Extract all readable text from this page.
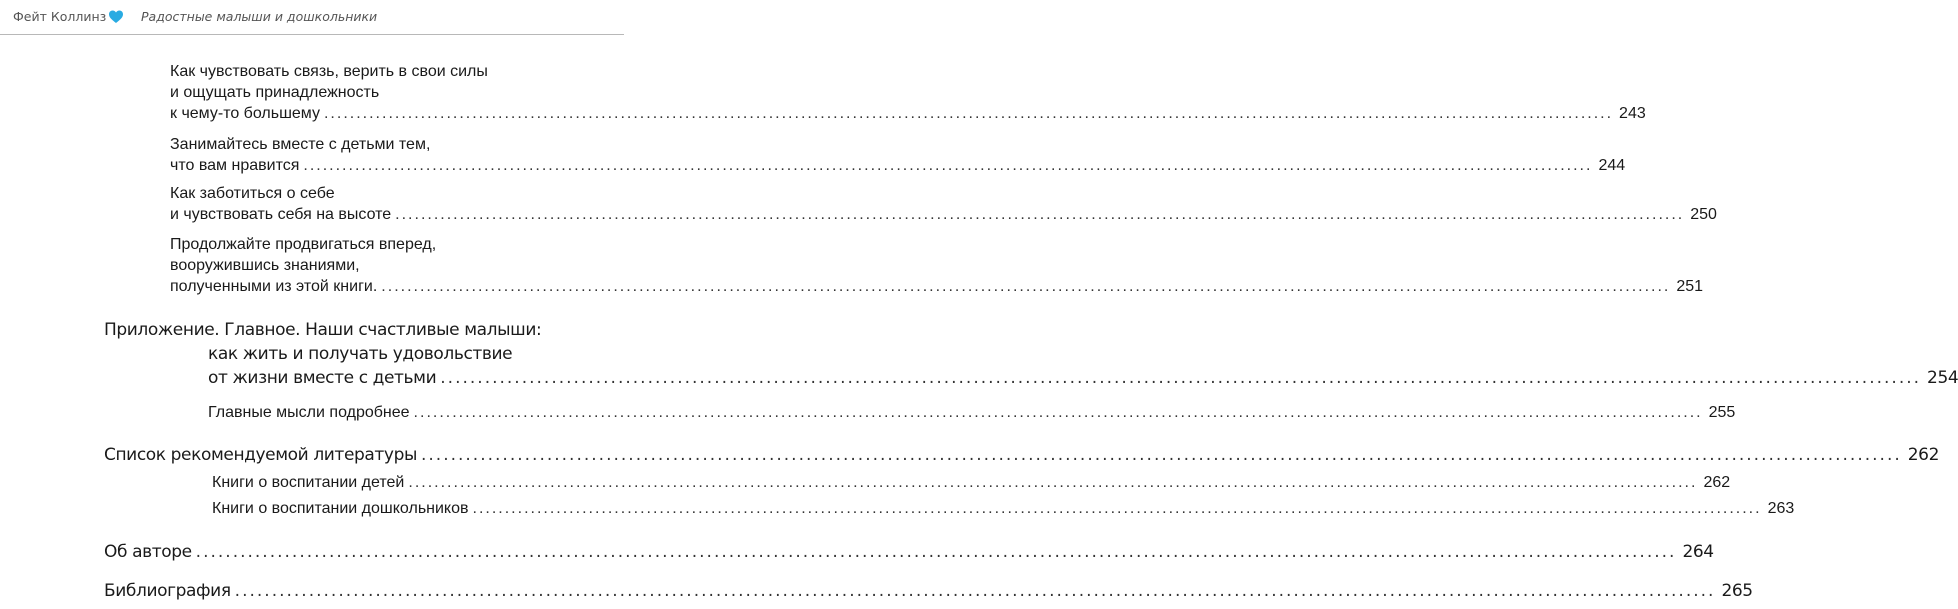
Фейт Коллинз	Радостные малыши и дошкольники
Как чувствовать связь, верить в свои силы
и ощущать принадлежность
к чему-то большему ........................................................................................................................................................................................................ 243
Занимайтесь вместе с детьми тем,
что вам нравится ........................................................................................................................................................................................................ 244
Как заботиться о себе
и чувствовать себя на высоте ........................................................................................................................................................................................................ 250
Продолжайте продвигаться вперед,
вооружившись знаниями,
полученными из этой книги. ........................................................................................................................................................................................................ 251
Приложение. Главное. Наши счастливые малыши:
как жить и получать удовольствие
от жизни вместе с детьми ........................................................................................................................................................................................................ 254
Главные мысли подробнее ........................................................................................................................................................................................................ 255
Список рекомендуемой литературы ........................................................................................................................................................................................................ 262
Книги о воспитании детей ........................................................................................................................................................................................................ 262
Книги о воспитании дошкольников ........................................................................................................................................................................................................ 263
Об авторе ........................................................................................................................................................................................................ 264
Библиография ........................................................................................................................................................................................................ 265
